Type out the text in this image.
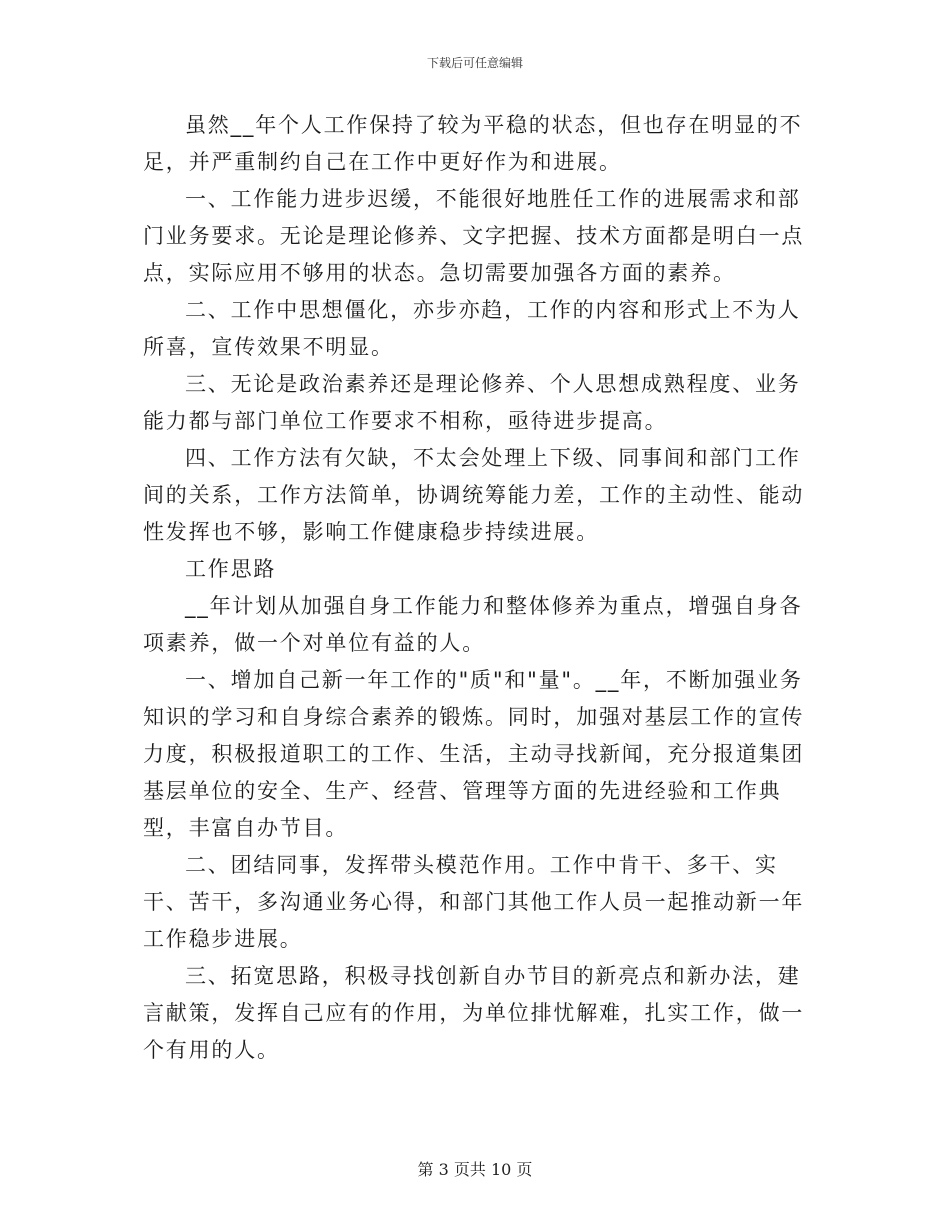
下载后可任意编辑

虽然__年个人工作保持了较为平稳的状态，但也存在明显的不足，并严重制约自己在工作中更好作为和进展。

一、工作能力进步迟缓，不能很好地胜任工作的进展需求和部门业务要求。无论是理论修养、文字把握、技术方面都是明白一点点，实际应用不够用的状态。急切需要加强各方面的素养。

二、工作中思想僵化，亦步亦趋，工作的内容和形式上不为人所喜，宣传效果不明显。

三、无论是政治素养还是理论修养、个人思想成熟程度、业务能力都与部门单位工作要求不相称，亟待进步提高。

四、工作方法有欠缺，不太会处理上下级、同事间和部门工作间的关系，工作方法简单，协调统筹能力差，工作的主动性、能动性发挥也不够，影响工作健康稳步持续进展。

工作思路

__年计划从加强自身工作能力和整体修养为重点，增强自身各项素养，做一个对单位有益的人。

一、增加自己新一年工作的"质"和"量"。__年，不断加强业务知识的学习和自身综合素养的锻炼。同时，加强对基层工作的宣传力度，积极报道职工的工作、生活，主动寻找新闻，充分报道集团基层单位的安全、生产、经营、管理等方面的先进经验和工作典型，丰富自办节目。

二、团结同事，发挥带头模范作用。工作中肯干、多干、实干、苦干，多沟通业务心得，和部门其他工作人员一起推动新一年工作稳步进展。

三、拓宽思路，积极寻找创新自办节目的新亮点和新办法，建言献策，发挥自己应有的作用，为单位排忧解难，扎实工作，做一个有用的人。

第 3 页共 10 页
